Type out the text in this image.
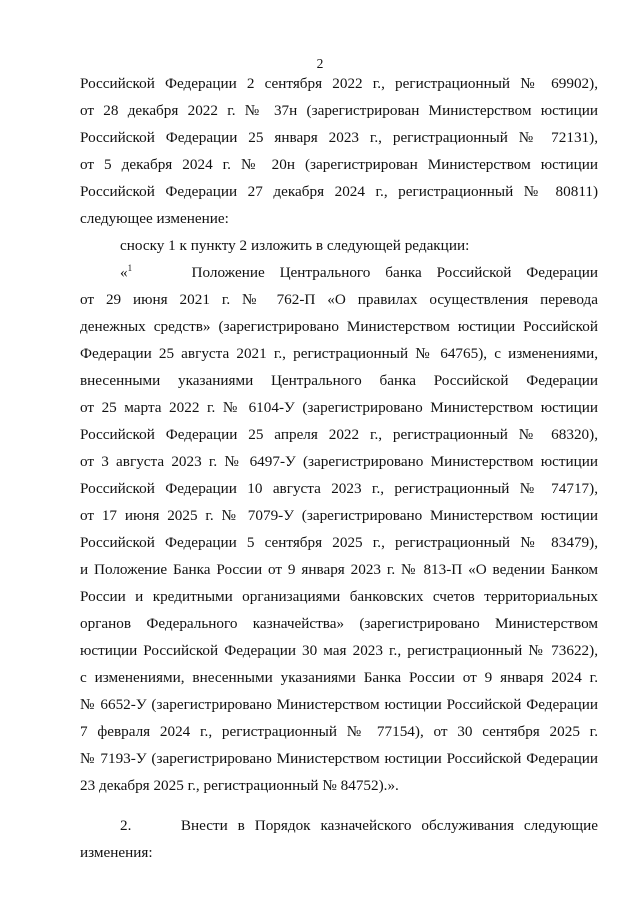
2

Российской Федерации 2 сентября 2022 г., регистрационный № 69902),
от 28 декабря 2022 г. № 37н (зарегистрирован Министерством юстиции
Российской Федерации 25 января 2023 г., регистрационный № 72131),
от 5 декабря 2024 г. № 20н (зарегистрирован Министерством юстиции
Российской Федерации 27 декабря 2024 г., регистрационный № 80811)
следующее изменение:

сноску 1 к пункту 2 изложить в следующей редакции:

«$^1$	Положение Центрального банка Российской Федерации
от 29 июня 2021 г. № 762-П «О правилах осуществления перевода
денежных средств» (зарегистрировано Министерством юстиции Российской
Федерации 25 августа 2021 г., регистрационный № 64765), с изменениями,
внесенными указаниями Центрального банка Российской Федерации
от 25 марта 2022 г. № 6104-У (зарегистрировано Министерством юстиции
Российской Федерации 25 апреля 2022 г., регистрационный № 68320),
от 3 августа 2023 г. № 6497-У (зарегистрировано Министерством юстиции
Российской Федерации 10 августа 2023 г., регистрационный № 74717),
от 17 июня 2025 г. № 7079-У (зарегистрировано Министерством юстиции
Российской Федерации 5 сентября 2025 г., регистрационный № 83479),
и Положение Банка России от 9 января 2023 г. № 813-П «О ведении Банком
России и кредитными организациями банковских счетов территориальных
органов Федерального казначейства» (зарегистрировано Министерством
юстиции Российской Федерации 30 мая 2023 г., регистрационный № 73622),
с изменениями, внесенными указаниями Банка России от 9 января 2024 г.
№ 6652-У (зарегистрировано Министерством юстиции Российской Федерации
7 февраля 2024 г., регистрационный № 77154), от 30 сентября 2025 г.
№ 7193-У (зарегистрировано Министерством юстиции Российской Федерации
23 декабря 2025 г., регистрационный № 84752).».

2.     Внести в Порядок казначейского обслуживания следующие
изменения:
